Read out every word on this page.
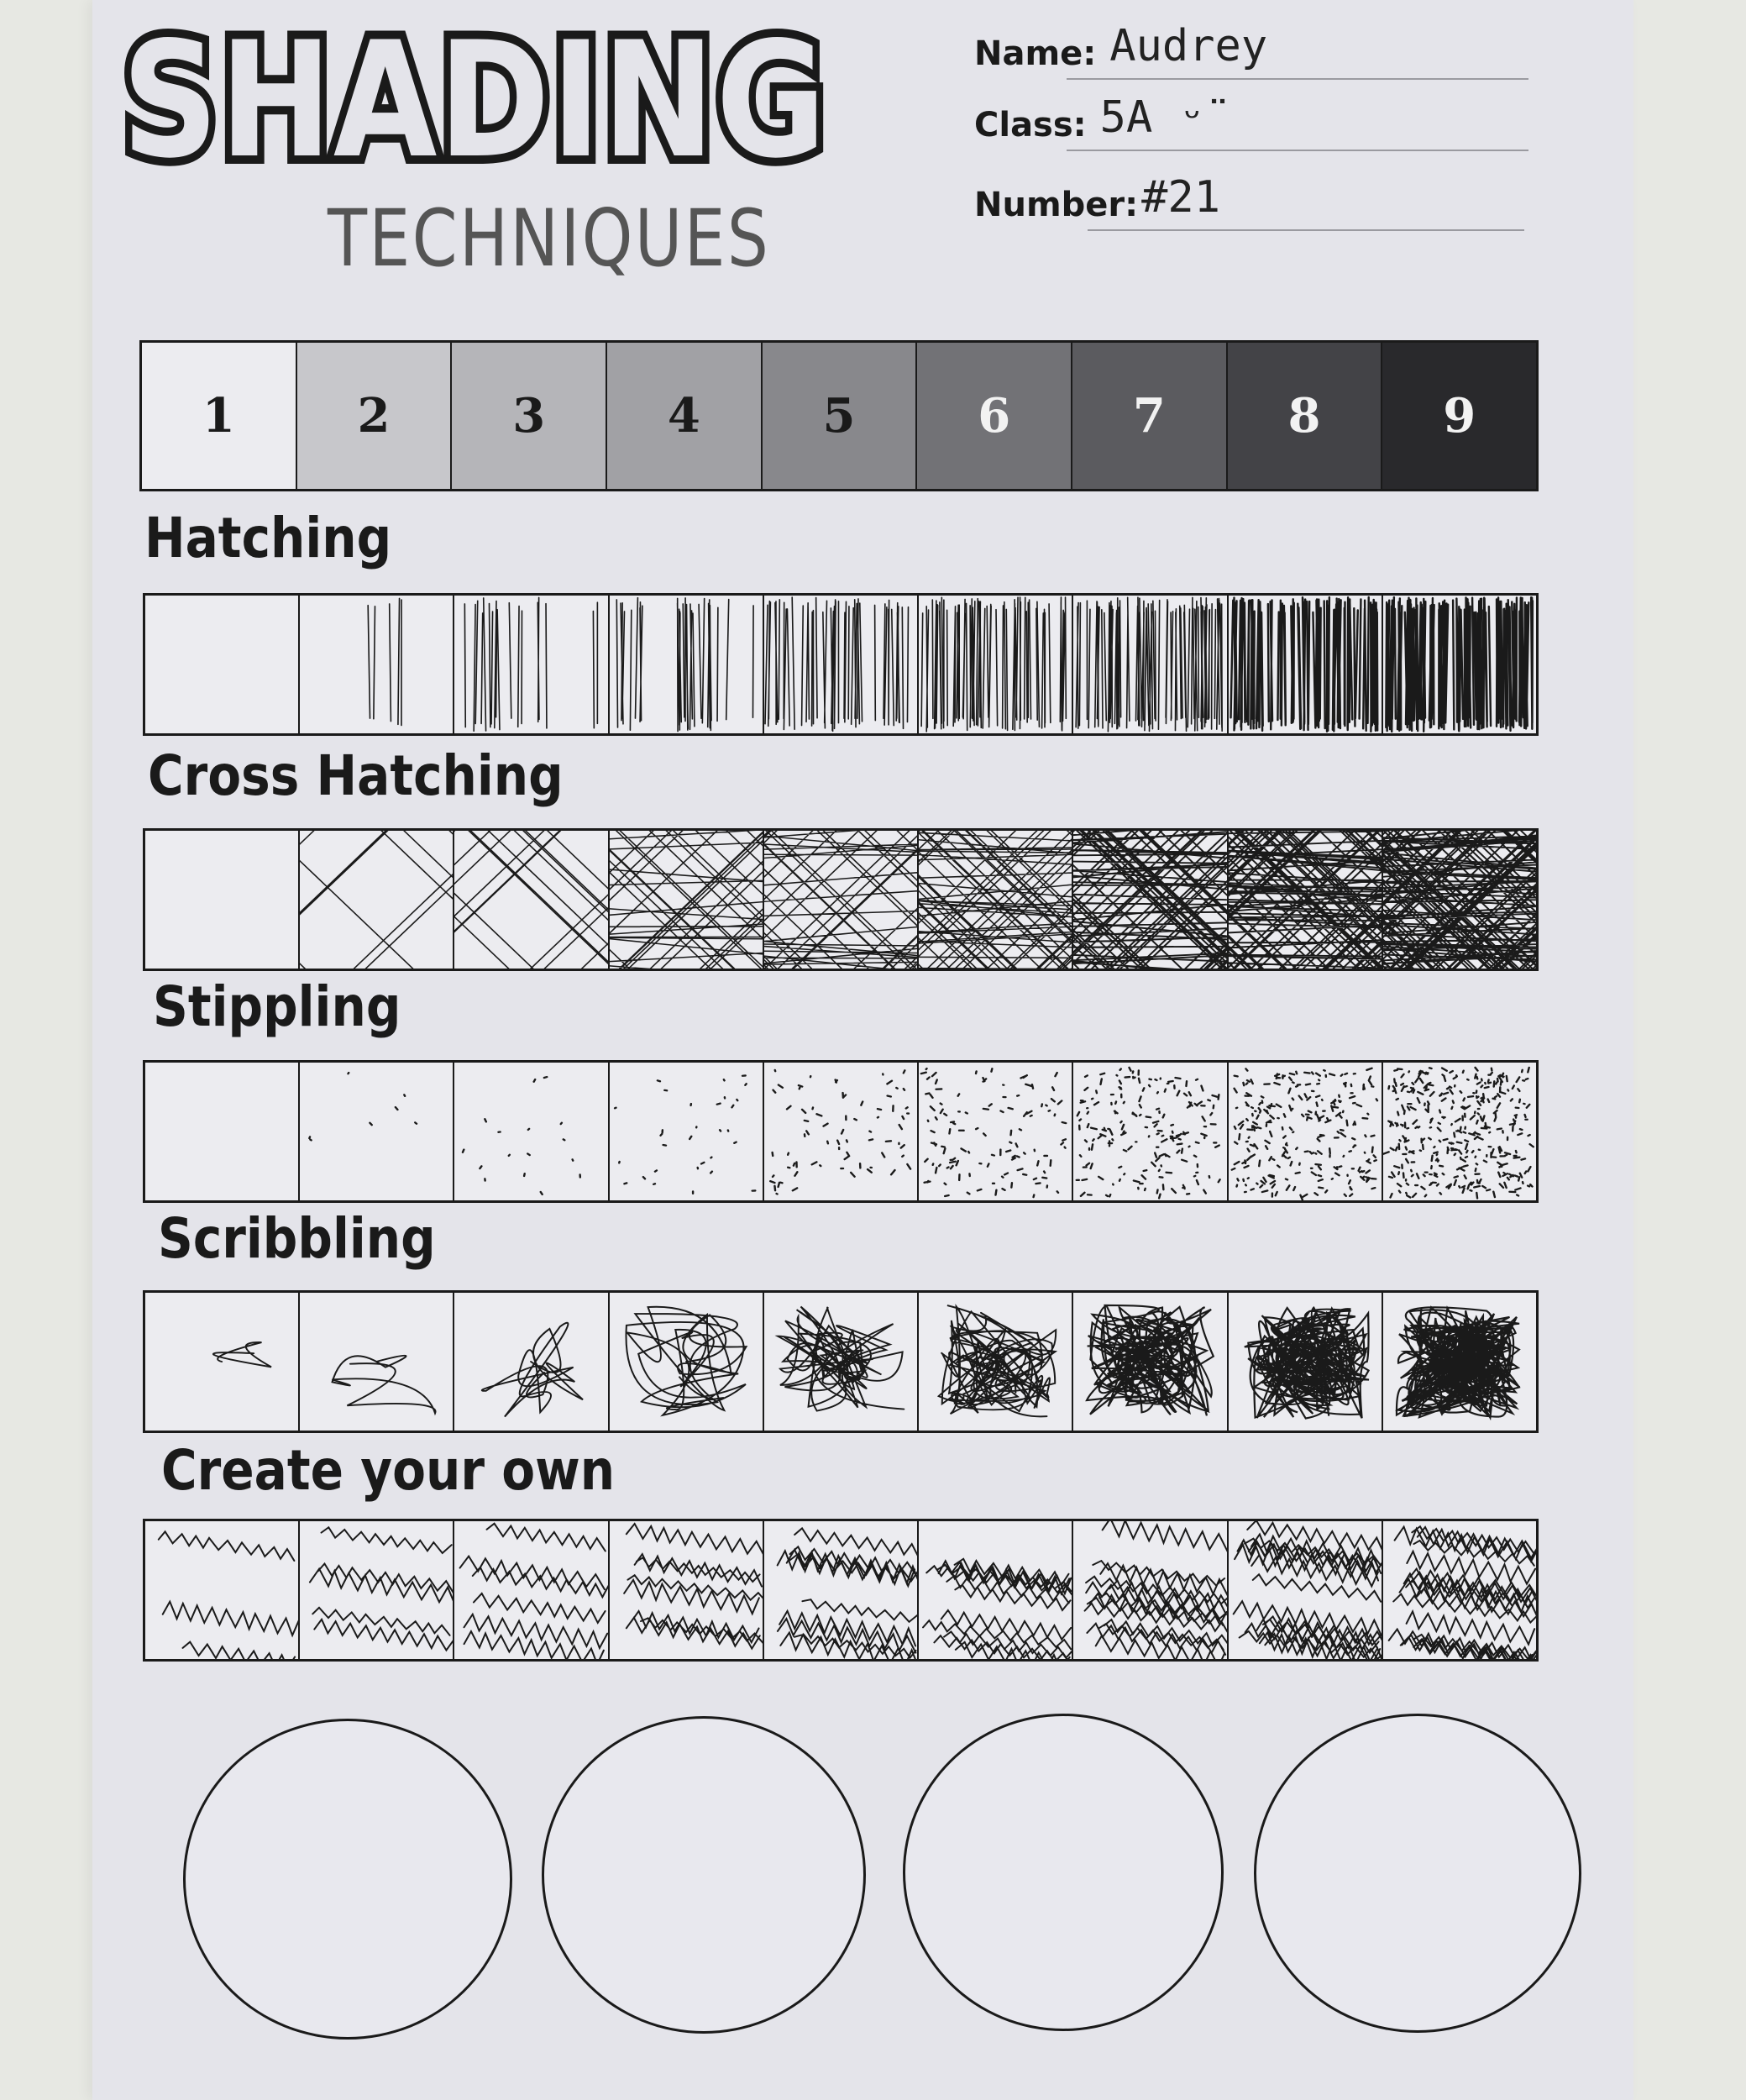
SHADING
TECHNIQUES
Name: Audrey
Class: 5A ᵕ̈
Number: #21
1	2	3	4	5	6	7	8	9
Hatching
Cross Hatching
Stippling
Scribbling
Create your own
